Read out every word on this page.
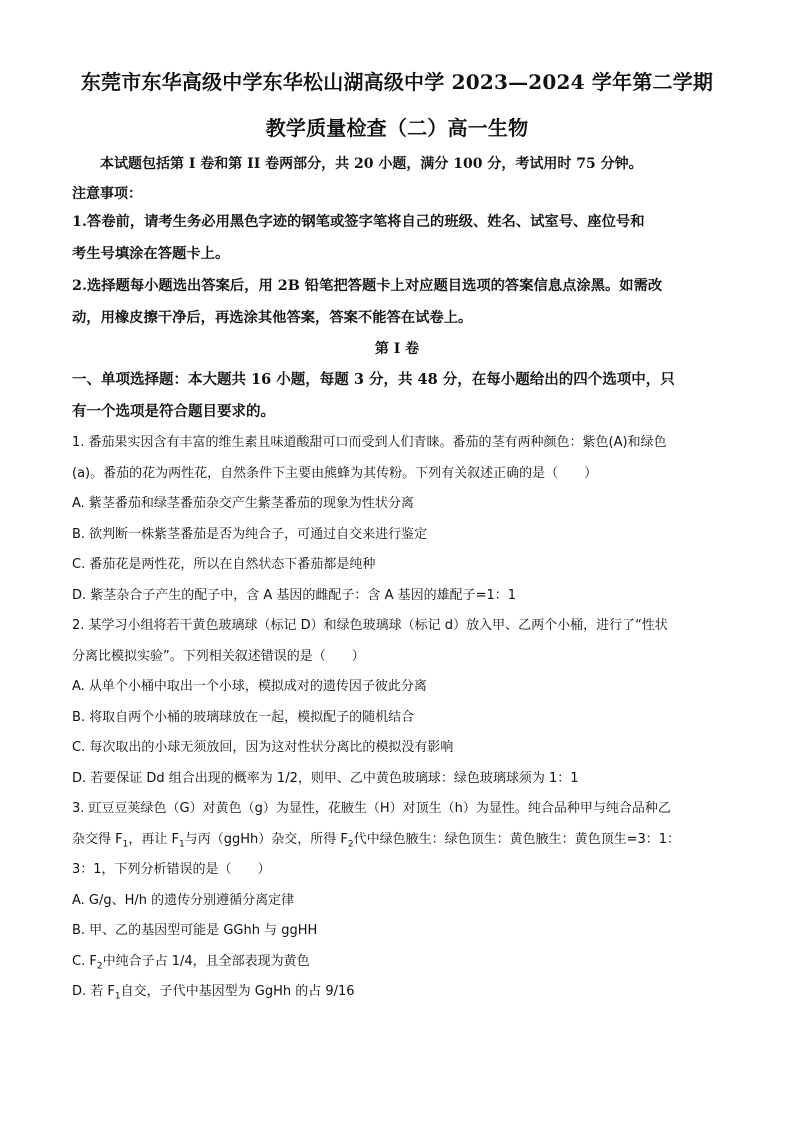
东莞市东华高级中学东华松山湖高级中学 2023—2024 学年第二学期

教学质量检查（二）高一生物

本试题包括第 I 卷和第 II 卷两部分，共 20 小题，满分 100 分，考试用时 75 分钟。

注意事项：

1.答卷前，请考生务必用黑色字迹的钢笔或签字笔将自己的班级、姓名、试室号、座位号和

考生号填涂在答题卡上。

2.选择题每小题选出答案后，用 2B 铅笔把答题卡上对应题目选项的答案信息点涂黑。如需改

动，用橡皮擦干净后，再选涂其他答案，答案不能答在试卷上。

第 I 卷

一、单项选择题：本大题共 16 小题，每题 3 分，共 48 分，在每小题给出的四个选项中，只

有一个选项是符合题目要求的。

1. 番茄果实因含有丰富的维生素且味道酸甜可口而受到人们青睐。番茄的茎有两种颜色：紫色(A)和绿色

(a)。番茄的花为两性花，自然条件下主要由熊蜂为其传粉。下列有关叙述正确的是（　　）

A. 紫茎番茄和绿茎番茄杂交产生紫茎番茄的现象为性状分离

B. 欲判断一株紫茎番茄是否为纯合子，可通过自交来进行鉴定

C. 番茄花是两性花，所以在自然状态下番茄都是纯种

D. 紫茎杂合子产生的配子中，含 A 基因的雌配子：含 A 基因的雄配子=1：1

2. 某学习小组将若干黄色玻璃球（标记 D）和绿色玻璃球（标记 d）放入甲、乙两个小桶，进行了“性状

分离比模拟实验”。下列相关叙述错误的是（　　）

A. 从单个小桶中取出一个小球，模拟成对的遗传因子彼此分离

B. 将取自两个小桶的玻璃球放在一起，模拟配子的随机结合

C. 每次取出的小球无须放回，因为这对性状分离比的模拟没有影响

D. 若要保证 Dd 组合出现的概率为 1/2，则甲、乙中黄色玻璃球：绿色玻璃球须为 1：1

3. 豇豆豆荚绿色（G）对黄色（g）为显性，花腋生（H）对顶生（h）为显性。纯合品种甲与纯合品种乙

杂交得 $F_1$，再让 $F_1$与丙（ggHh）杂交，所得 $F_2$代中绿色腋生：绿色顶生：黄色腋生：黄色顶生=3：1：

3：1，下列分析错误的是（　　）

A. G/g、H/h 的遗传分别遵循分离定律

B. 甲、乙的基因型可能是 GGhh 与 ggHH

C. $F_2$中纯合子占 1/4，且全部表现为黄色

D. 若 $F_1$自交，子代中基因型为 GgHh 的占 9/16
